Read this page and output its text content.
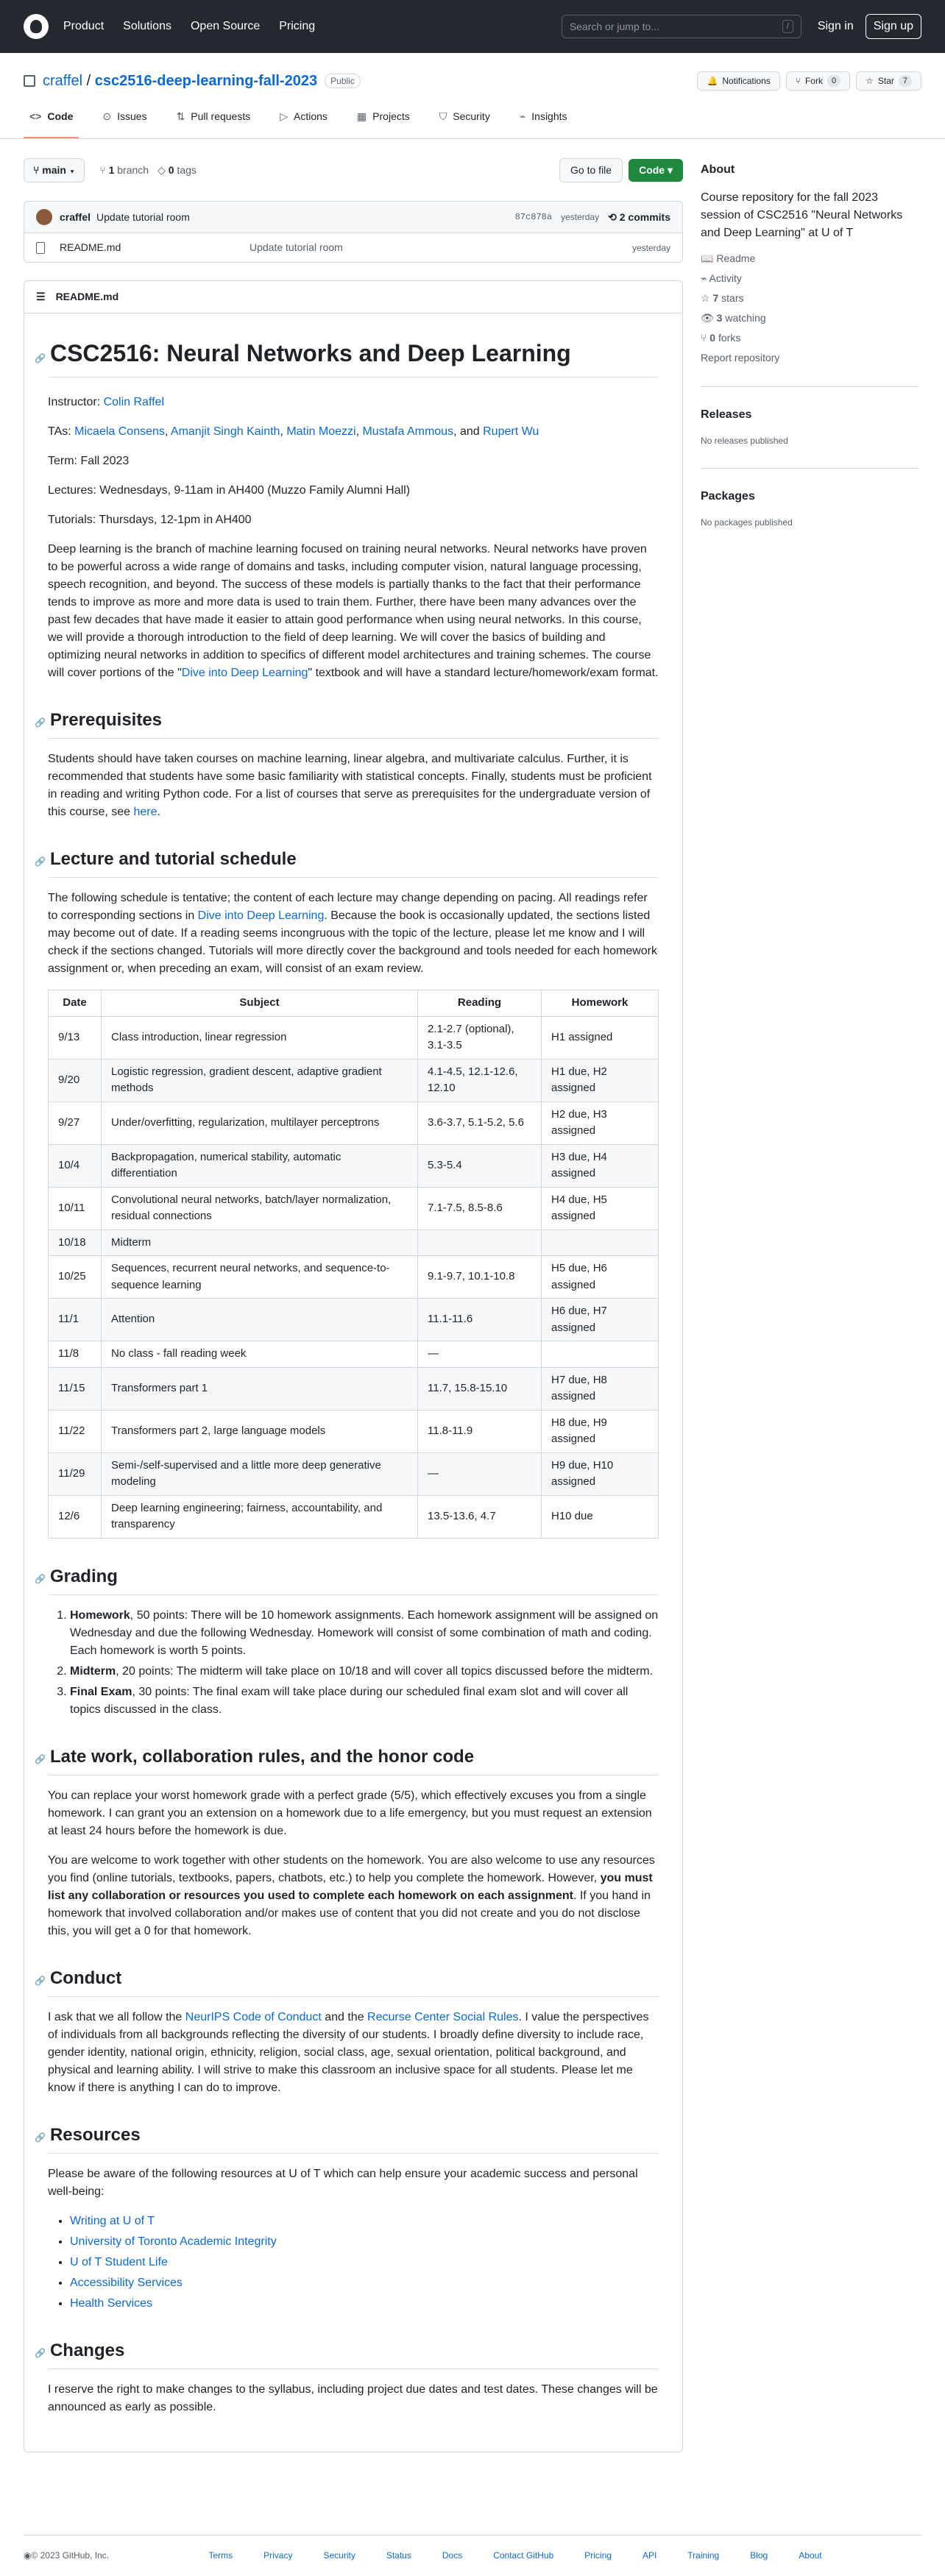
Product Solutions Open Source Pricing	Search or jump to...	/	Sign in	Sign up
craffel / csc2516-deep-learning-fall-2023	Public	🔔 Notifications	⑂ Fork	0	☆ Star	7
<> Code	⊙ Issues	⇅ Pull requests	▷ Actions	▦ Projects	⛉ Security	⌁ Insights
⑂ main ▾	⑂ 1 branch ◇ 0 tags	Go to file	Code ▾
craffel Update tutorial room	87c878a yesterday ⟲ 2 commits
README.md	Update tutorial room	yesterday
☰ README.md
🔗 CSC2516: Neural Networks and Deep Learning

Instructor: Colin Raffel

TAs: Micaela Consens, Amanjit Singh Kainth, Matin Moezzi, Mustafa Ammous, and Rupert Wu

Term: Fall 2023

Lectures: Wednesdays, 9-11am in AH400 (Muzzo Family Alumni Hall)

Tutorials: Thursdays, 12-1pm in AH400

Deep learning is the branch of machine learning focused on training neural networks. Neural networks have proven to be powerful across a wide range of domains and tasks, including computer vision, natural language processing, speech recognition, and beyond. The success of these models is partially thanks to the fact that their performance tends to improve as more and more data is used to train them. Further, there have been many advances over the past few decades that have made it easier to attain good performance when using neural networks. In this course, we will provide a thorough introduction to the field of deep learning. We will cover the basics of building and optimizing neural networks in addition to specifics of different model architectures and training schemes. The course will cover portions of the "Dive into Deep Learning" textbook and will have a standard lecture/homework/exam format.

🔗 Prerequisites

Students should have taken courses on machine learning, linear algebra, and multivariate calculus. Further, it is recommended that students have some basic familiarity with statistical concepts. Finally, students must be proficient in reading and writing Python code. For a list of courses that serve as prerequisites for the undergraduate version of this course, see here.

🔗 Lecture and tutorial schedule

The following schedule is tentative; the content of each lecture may change depending on pacing. All readings refer to corresponding sections in Dive into Deep Learning. Because the book is occasionally updated, the sections listed may become out of date. If a reading seems incongruous with the topic of the lecture, please let me know and I will check if the sections changed. Tutorials will more directly cover the background and tools needed for each homework assignment or, when preceding an exam, will consist of an exam review.

Date	Subject	Reading	Homework
9/13	Class introduction, linear regression	2.1-2.7 (optional), 3.1-3.5	H1 assigned
9/20	Logistic regression, gradient descent, adaptive gradient methods	4.1-4.5, 12.1-12.6, 12.10	H1 due, H2 assigned
9/27	Under/overfitting, regularization, multilayer perceptrons	3.6-3.7, 5.1-5.2, 5.6	H2 due, H3 assigned
10/4	Backpropagation, numerical stability, automatic differentiation	5.3-5.4	H3 due, H4 assigned
10/11	Convolutional neural networks, batch/layer normalization, residual connections	7.1-7.5, 8.5-8.6	H4 due, H5 assigned
10/18	Midterm		
10/25	Sequences, recurrent neural networks, and sequence-to-sequence learning	9.1-9.7, 10.1-10.8	H5 due, H6 assigned
11/1	Attention	11.1-11.6	H6 due, H7 assigned
11/8	No class - fall reading week	—	
11/15	Transformers part 1	11.7, 15.8-15.10	H7 due, H8 assigned
11/22	Transformers part 2, large language models	11.8-11.9	H8 due, H9 assigned
11/29	Semi-/self-supervised and a little more deep generative modeling	—	H9 due, H10 assigned
12/6	Deep learning engineering; fairness, accountability, and transparency	13.5-13.6, 4.7	H10 due
🔗 Grading
1. Homework, 50 points: There will be 10 homework assignments. Each homework assignment will be assigned on Wednesday and due the following Wednesday. Homework will consist of some combination of math and coding. Each homework is worth 5 points.
2. Midterm, 20 points: The midterm will take place on 10/18 and will cover all topics discussed before the midterm.
3. Final Exam, 30 points: The final exam will take place during our scheduled final exam slot and will cover all topics discussed in the class.
🔗 Late work, collaboration rules, and the honor code

You can replace your worst homework grade with a perfect grade (5/5), which effectively excuses you from a single homework. I can grant you an extension on a homework due to a life emergency, but you must request an extension at least 24 hours before the homework is due.

You are welcome to work together with other students on the homework. You are also welcome to use any resources you find (online tutorials, textbooks, papers, chatbots, etc.) to help you complete the homework. However, you must list any collaboration or resources you used to complete each homework on each assignment. If you hand in homework that involved collaboration and/or makes use of content that you did not create and you do not disclose this, you will get a 0 for that homework.

🔗 Conduct

I ask that we all follow the NeurIPS Code of Conduct and the Recurse Center Social Rules. I value the perspectives of individuals from all backgrounds reflecting the diversity of our students. I broadly define diversity to include race, gender identity, national origin, ethnicity, religion, social class, age, sexual orientation, political background, and physical and learning ability. I will strive to make this classroom an inclusive space for all students. Please let me know if there is anything I can do to improve.

🔗 Resources

Please be aware of the following resources at U of T which can help ensure your academic success and personal well-being:

• Writing at U of T
• University of Toronto Academic Integrity
• U of T Student Life
• Accessibility Services
• Health Services
🔗 Changes

I reserve the right to make changes to the syllabus, including project due dates and test dates. These changes will be announced as early as possible.

About

Course repository for the fall 2023 session of CSC2516 "Neural Networks and Deep Learning" at U of T

📖 Readme
⌁ Activity
☆ 7 stars
👁 3 watching
⑂ 0 forks
Report repository
Releases
No releases published
Packages
No packages published
◉ © 2023 GitHub, Inc.	Terms	Privacy	Security	Status	Docs	Contact GitHub	Pricing	API	Training	Blog	About
